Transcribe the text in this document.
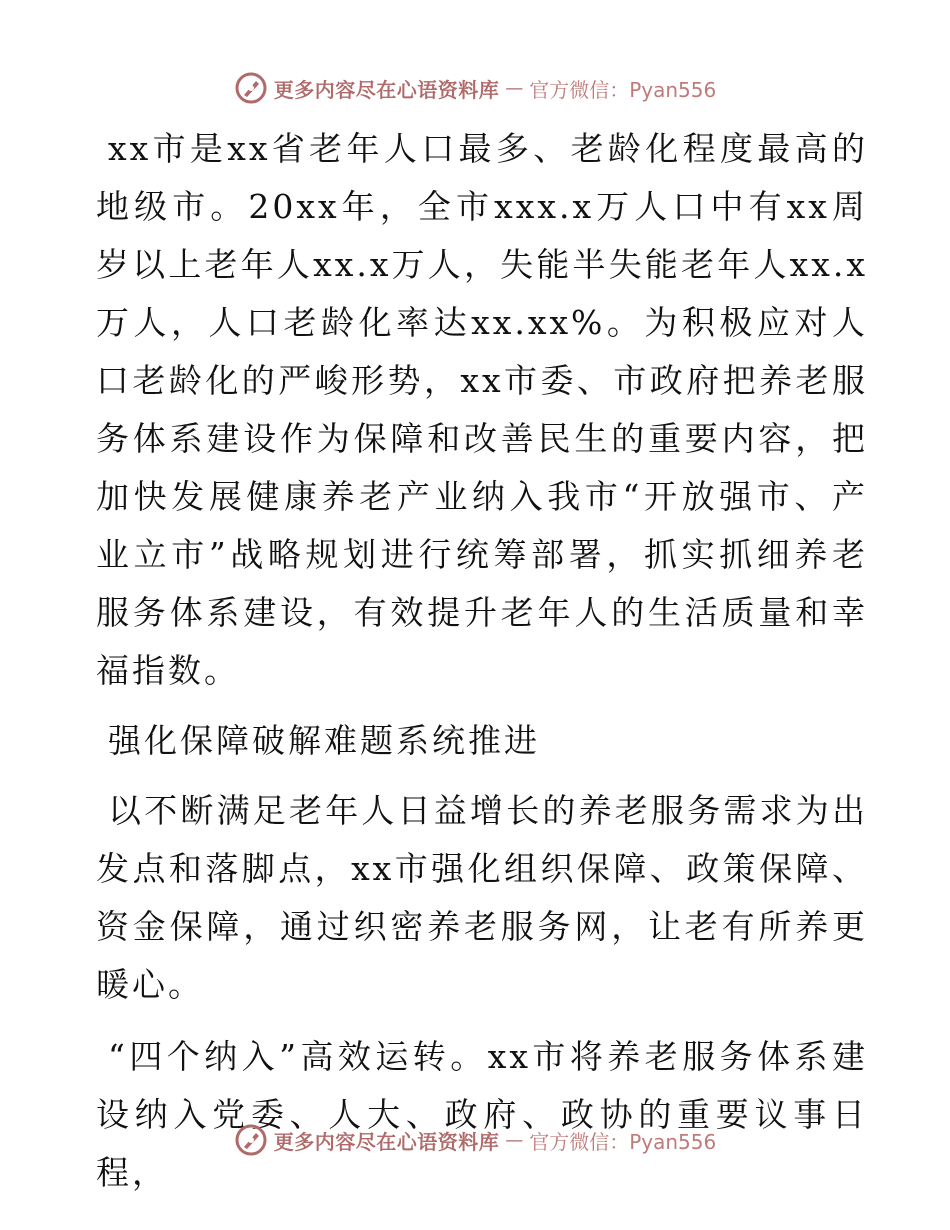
更多内容尽在心语资料库 — 官方微信：Pyan556

xx市是xx省老年人口最多、老龄化程度最高的地级市。20xx年，全市xxx.x万人口中有xx周岁以上老年人xx.x万人，失能半失能老年人xx.x万人，人口老龄化率达xx.xx%。为积极应对人口老龄化的严峻形势，xx市委、市政府把养老服务体系建设作为保障和改善民生的重要内容，把加快发展健康养老产业纳入我市“开放强市、产业立市”战略规划进行统筹部署，抓实抓细养老服务体系建设，有效提升老年人的生活质量和幸福指数。

强化保障破解难题系统推进

以不断满足老年人日益增长的养老服务需求为出发点和落脚点，xx市强化组织保障、政策保障、资金保障，通过织密养老服务网，让老有所养更暖心。

“四个纳入”高效运转。xx市将养老服务体系建设纳入党委、人大、政府、政协的重要议事日程，

更多内容尽在心语资料库 — 官方微信：Pyan556
